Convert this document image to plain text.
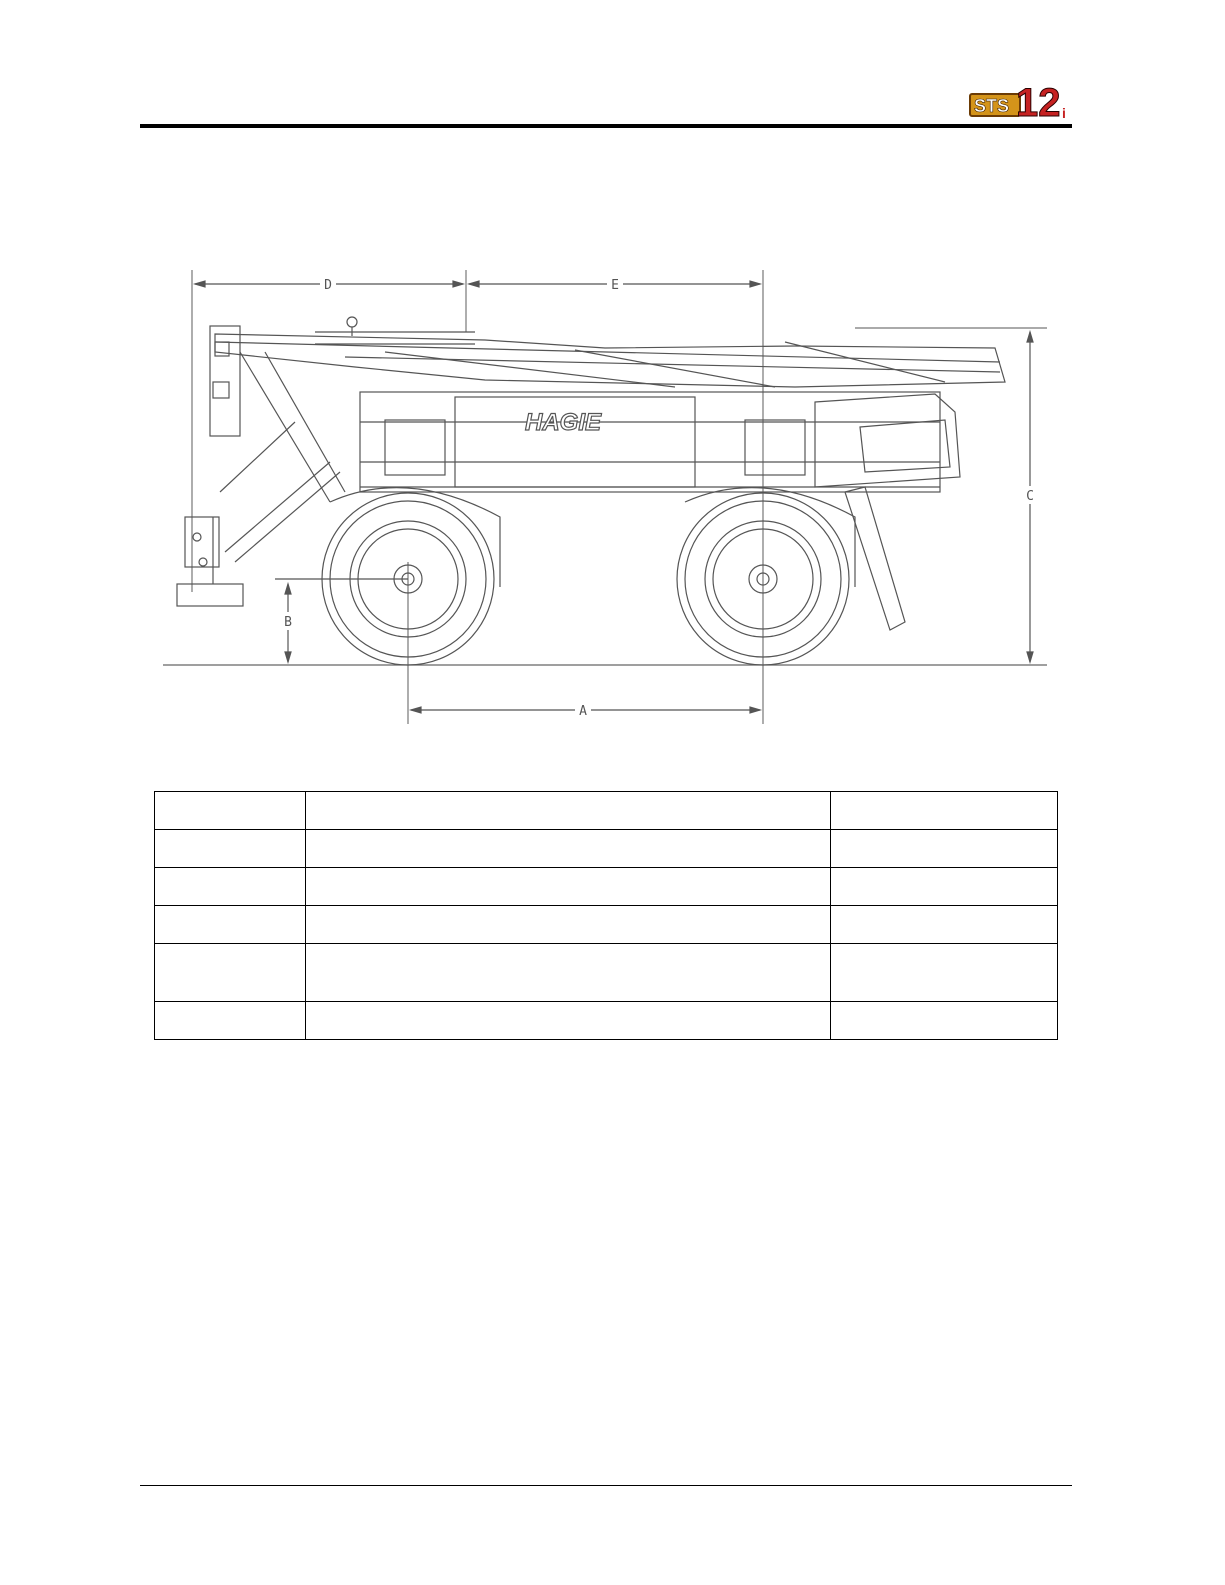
STS 12 i
D	E
C
B
A
HAGIE
